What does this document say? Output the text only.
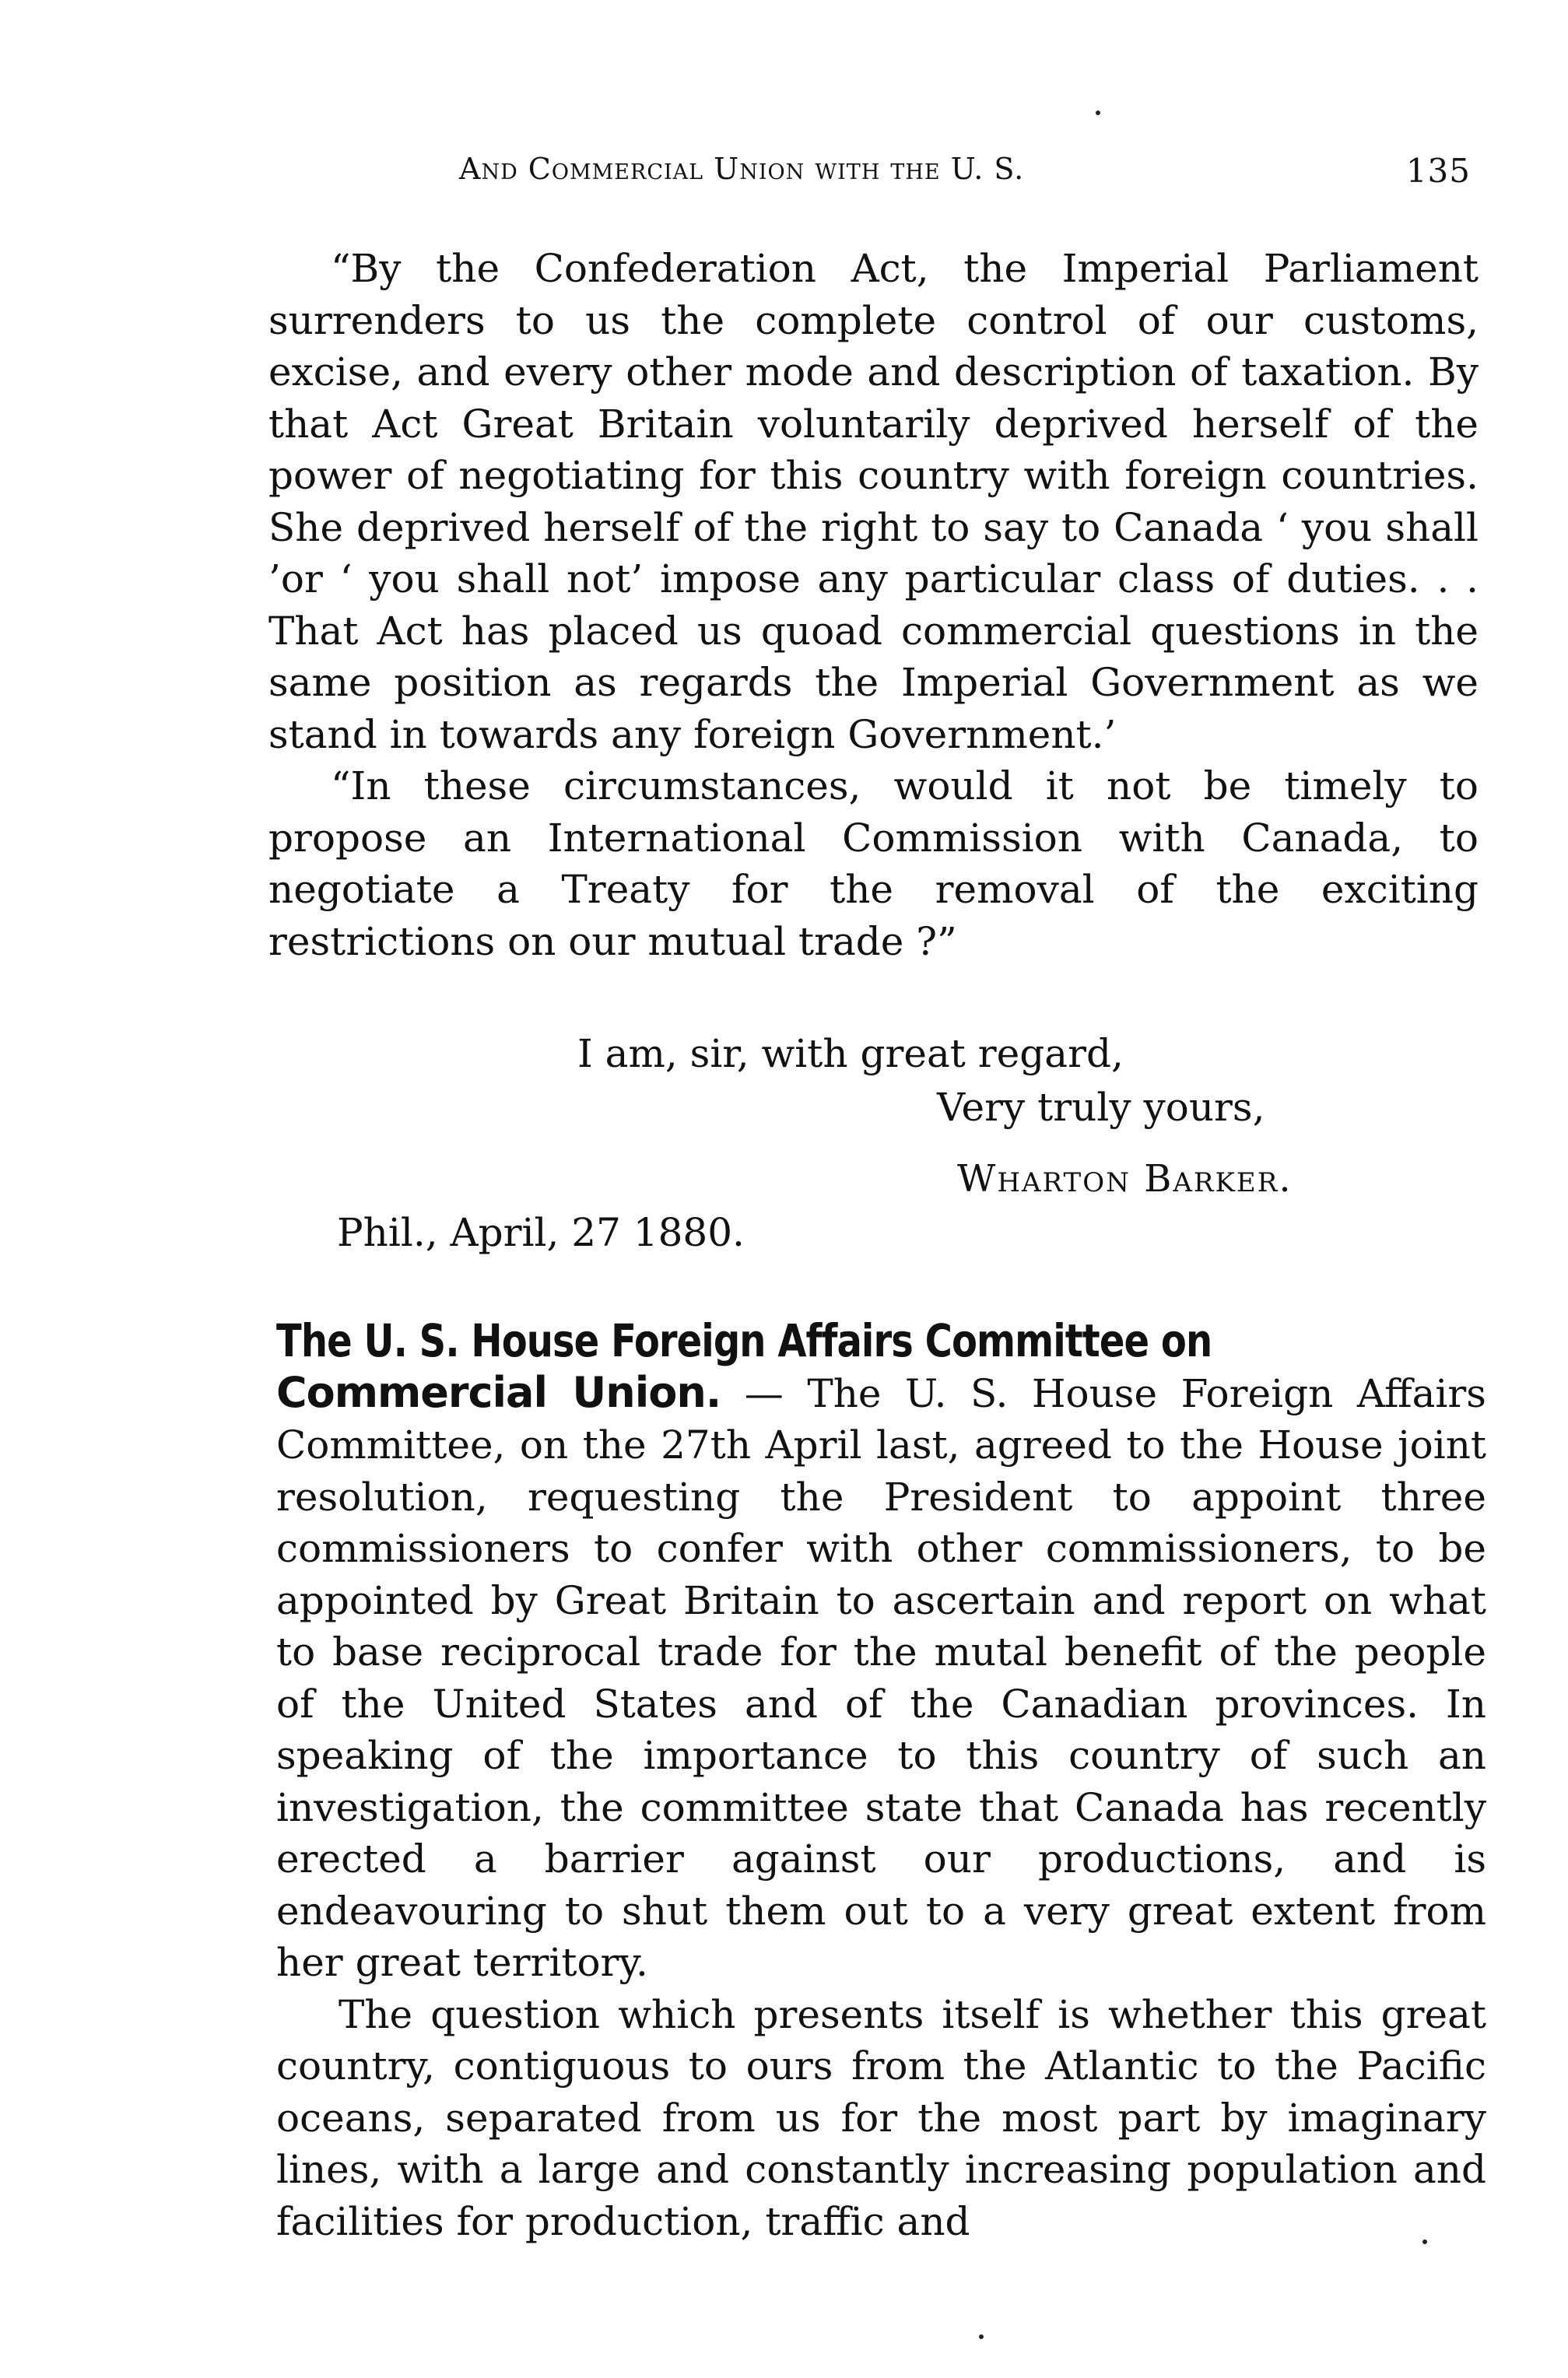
And Commercial Union with the U. S.	135
“By the Confederation Act, the Imperial Parliament surrenders to us the complete control of our customs, excise, and every other mode and description of taxation. By that Act Great Britain voluntarily deprived herself of the power of negotiating for this country with foreign countries. She deprived herself of the right to say to Canada ‘ you shall ’or ‘ you shall not’ impose any particular class of duties. . . That Act has placed us quoad commercial questions in the same position as regards the Imperial Government as we stand in towards any foreign Government.’
“In these circumstances, would it not be timely to propose an International Commission with Canada, to negotiate a Treaty for the removal of the exciting restrictions on our mutual trade ?”
I am, sir, with great regard,
Very truly yours,
Wharton Barker.
Phil., April, 27 1880.
The U. S. House Foreign Affairs Committee on
Commercial Union. — The U. S. House Foreign Affairs Committee, on the 27th April last, agreed to the House joint resolution, requesting the President to appoint three commissioners to confer with other commissioners, to be appointed by Great Britain to ascertain and report on what to base reciprocal trade for the mutal benefit of the people of the United States and of the Canadian provinces. In speaking of the importance to this country of such an investigation, the committee state that Canada has recently erected a barrier against our productions, and is endeavouring to shut them out to a very great extent from her great territory.
The question which presents itself is whether this great country, contiguous to ours from the Atlantic to the Pacific oceans, separated from us for the most part by imaginary lines, with a large and constantly increasing population and facilities for production, traffic and
